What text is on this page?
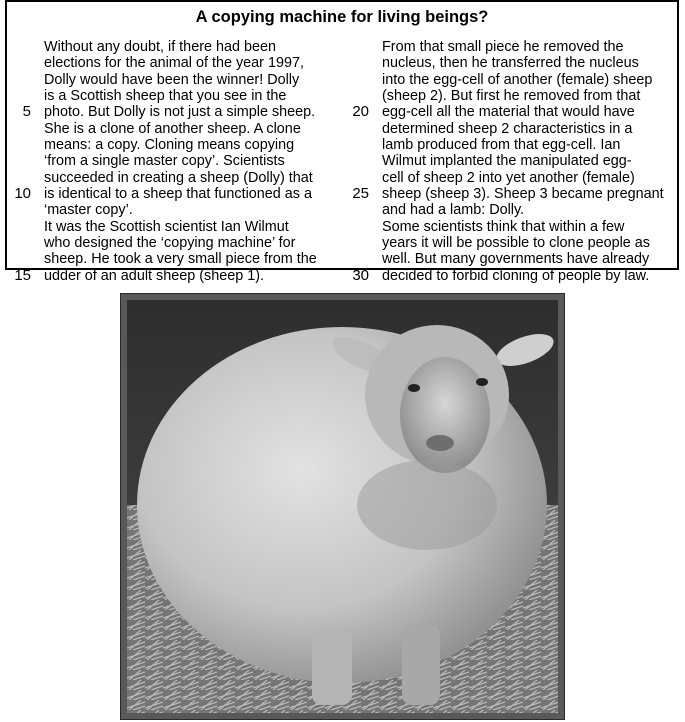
A copying machine for living beings?
Without any doubt, if there had been
elections for the animal of the year 1997,
Dolly would have been the winner! Dolly
is a Scottish sheep that you see in the
5 photo. But Dolly is not just a simple sheep.
She is a clone of another sheep. A clone
means: a copy. Cloning means copying
‘from a single master copy’. Scientists
succeeded in creating a sheep (Dolly) that
10 is identical to a sheep that functioned as a
‘master copy’.
It was the Scottish scientist Ian Wilmut
who designed the ‘copying machine’ for
sheep. He took a very small piece from the
15 udder of an adult sheep (sheep 1).
From that small piece he removed the
nucleus, then he transferred the nucleus
into the egg-cell of another (female) sheep
(sheep 2). But first he removed from that
20 egg-cell all the material that would have
determined sheep 2 characteristics in a
lamb produced from that egg-cell. Ian
Wilmut implanted the manipulated egg-
cell of sheep 2 into yet another (female)
25 sheep (sheep 3). Sheep 3 became pregnant
and had a lamb: Dolly.
Some scientists think that within a few
years it will be possible to clone people as
well. But many governments have already
30 decided to forbid cloning of people by law.
